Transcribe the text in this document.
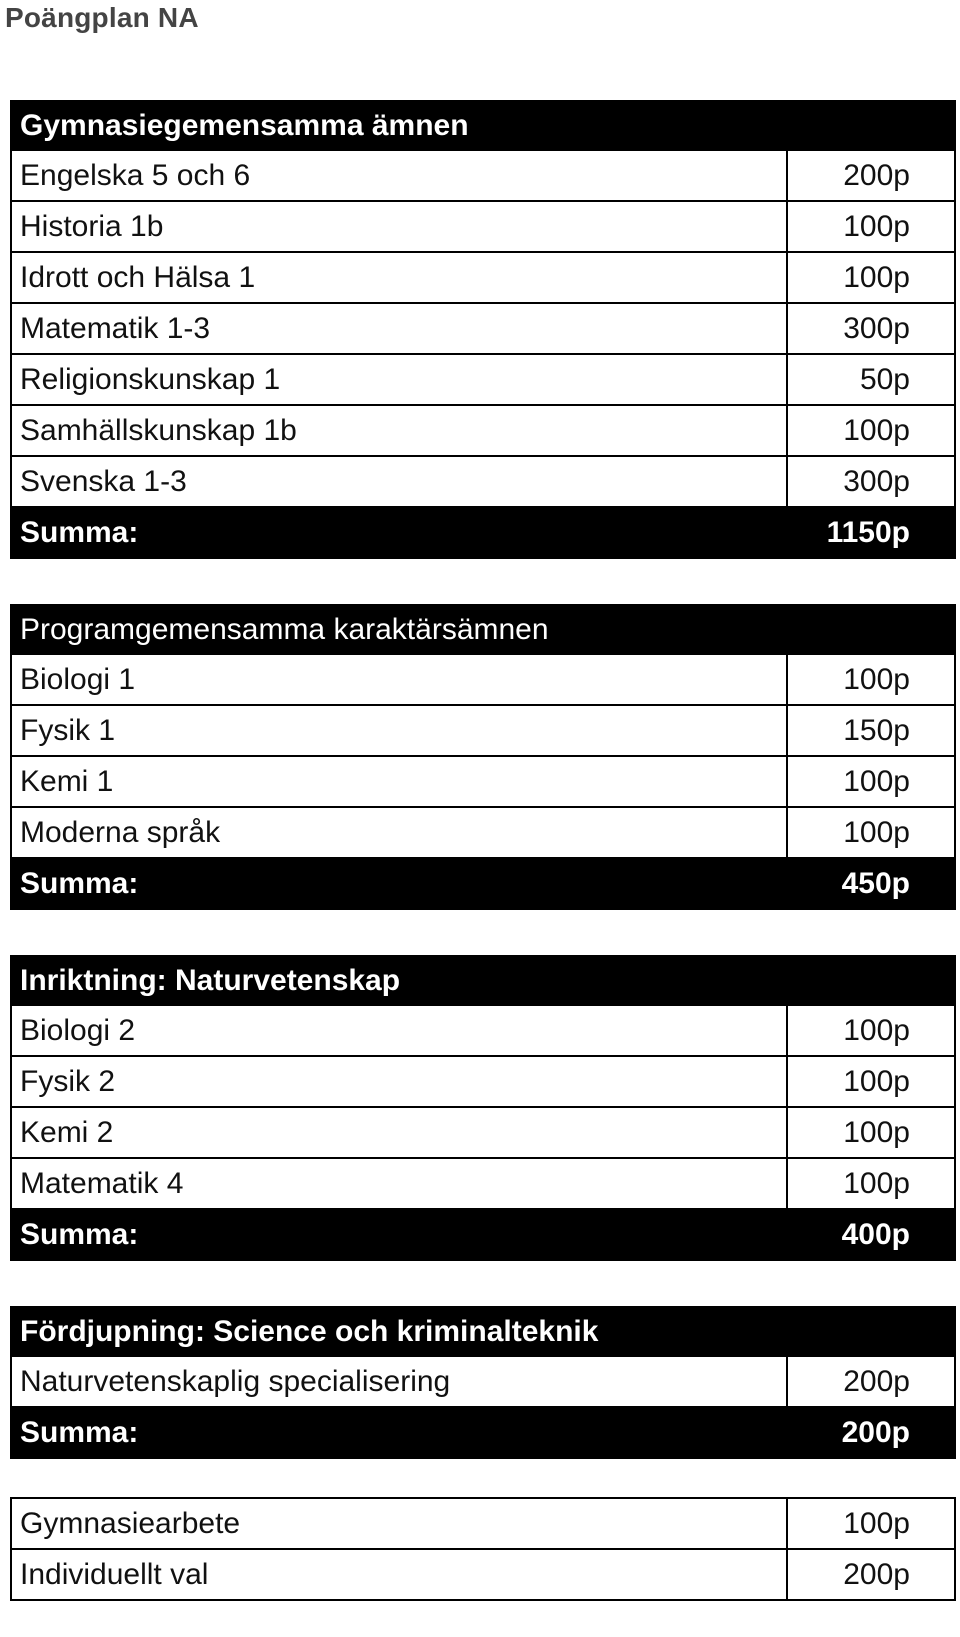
Poängplan NA
Gymnasiegemensamma ämnen	
Engelska 5 och 6	200p
Historia 1b	100p
Idrott och Hälsa 1	100p
Matematik 1-3	300p
Religionskunskap 1	50p
Samhällskunskap 1b	100p
Svenska 1-3	300p
Summa:	1150p
Programgemensamma karaktärsämnen	
Biologi 1	100p
Fysik 1	150p
Kemi 1	100p
Moderna språk	100p
Summa:	450p
Inriktning: Naturvetenskap	
Biologi 2	100p
Fysik 2	100p
Kemi 2	100p
Matematik 4	100p
Summa:	400p
Fördjupning: Science och kriminalteknik	
Naturvetenskaplig specialisering	200p
Summa:	200p
Gymnasiearbete	100p
Individuellt val	200p
